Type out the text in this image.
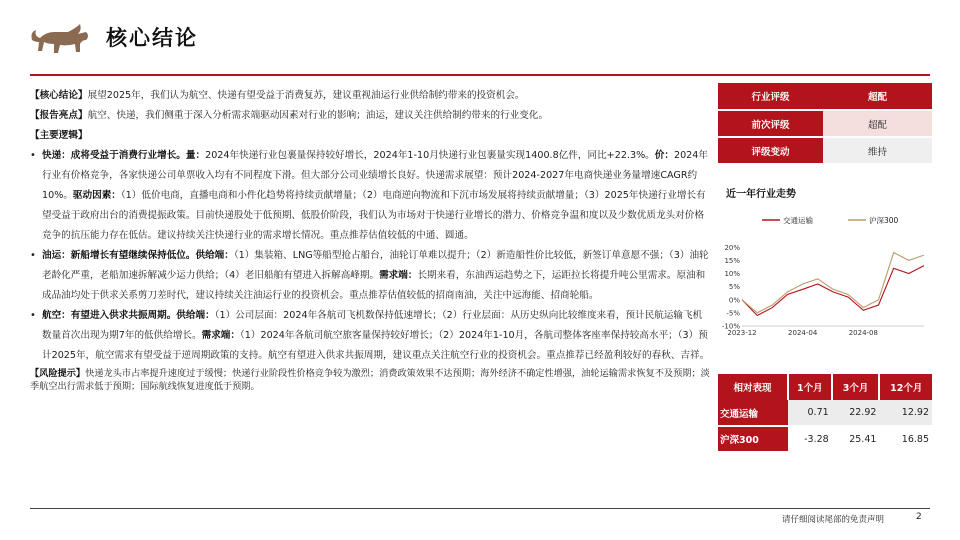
核心结论

【核心结论】展望2025年，我们认为航空、快递有望受益于消费复苏，建议重视油运行业供给制约带来的投资机会。

【报告亮点】航空、快递，我们侧重于深入分析需求端驱动因素对行业的影响；油运，建议关注供给制约带来的行业变化。

【主要逻辑】

• 快递：成将受益于消费行业增长。量：2024年快递行业包裹量保持较好增长，2024年1-10月快递行业包裹量实现1400.8亿件，同比+22.3%。价：2024年行业有价格竞争，各家快递公司单票收入均有不同程度下滑。但大部分公司业绩增长良好。快递需求展望：预计2024-2027年电商快递业务量增速CAGR约10%。驱动因素：（1）低价电商，直播电商和小件化趋势将持续贡献增量；（2）电商逆向物流和下沉市场发展将持续贡献增量；（3）2025年快递行业增长有望受益于政府出台的消费提振政策。目前快递股处于低预期、低股价阶段，我们认为市场对于快递行业增长的潜力、价格竞争温和度以及少数优质龙头对价格竞争的抗压能力存在低估。建议持续关注快递行业的需求增长情况。重点推荐估值较低的中通、圆通。
• 油运：新船增长有望继续保持低位。供给端：（1）集装箱、LNG等船型抢占船台，油轮订单难以提升；（2）新造船性价比较低，新签订单意愿不强；（3）油轮老龄化严重，老船加速拆解减少运力供给；（4）老旧船舶有望进入拆解高峰期。需求端：长期来看，东油西运趋势之下，运距拉长将提升吨公里需求。原油和成品油均处于供求关系剪刀差时代，建议持续关注油运行业的投资机会。重点推荐估值较低的招商南油，关注中远海能、招商轮船。
• 航空：有望进入供求共振周期。供给端：（1）公司层面：2024年各航司飞机数保持低速增长；（2）行业层面：从历史纵向比较维度来看，预计民航运输飞机数量首次出现为期7年的低供给增长。需求端：（1）2024年各航司航空旅客量保持较好增长；（2）2024年1-10月，各航司整体客座率保持较高水平；（3）预计2025年，航空需求有望受益于逆周期政策的支持。航空有望进入供求共振周期，建议重点关注航空行业的投资机会。重点推荐已经盈利较好的春秋、吉祥。

【风险提示】快递龙头市占率提升速度过于缓慢；快递行业阶段性价格竞争较为激烈；消费政策效果不达预期；海外经济不确定性增强，油轮运输需求恢复不及预期；淡季航空出行需求低于预期；国际航线恢复进度低于预期。

行业评级	超配
前次评级	超配
评级变动	维持
近一年行业走势
交通运输	沪深300
20%
15%
10%
5%
0%
-5%
-10%
2023-12	2024-04	2024-08
相对表现	1个月	3个月	12个月
交通运输	0.71	22.92	12.92
沪深300	-3.28	25.41	16.85
请仔细阅读尾部的免责声明	2
